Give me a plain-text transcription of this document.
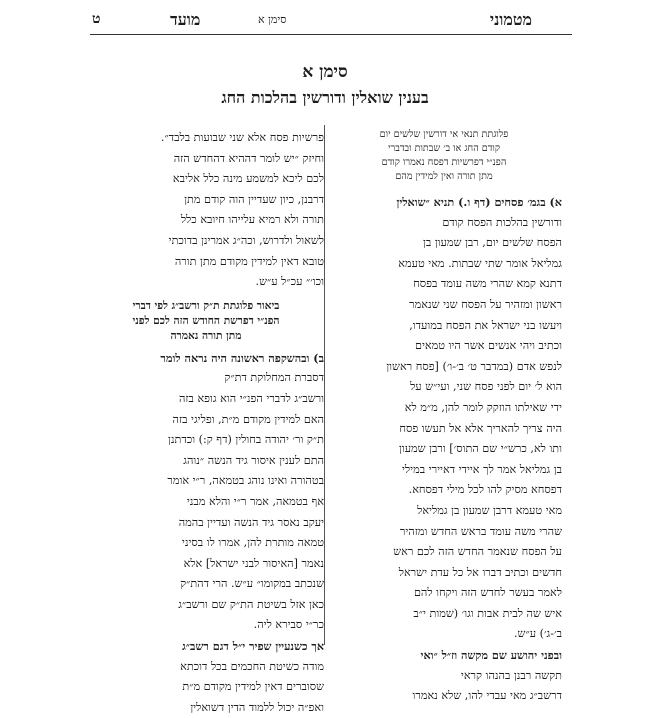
מטמוני
מועד	סימן א
ט
סימן א
בענין שואלין ודורשין בהלכות החג
פלוגתת תנאי אי דורשין שלשים יום
קודם החג או ב׳ שבתות ובדברי
הפנ״י דפרשיות דפסח נאמרו קודם
מתן תורה ואין למידין מהם
א) בגמ׳ פסחים (דף ו.) תניא ״שואלין
ודורשין בהלכות הפסח קודם
הפסח שלשים יום, רבן שמעון בן
גמליאל אומר שתי שבתות. מאי טעמא
דתנא קמא שהרי משה עומד בפסח
ראשון ומזהיר על הפסח שני שנאמר
ויעשו בני ישראל את הפסח במועדו,
וכתיב ויהי אנשים אשר היו טמאים
לנפש אדם (במדבר ט׳ ב׳-ו׳) [פסח ראשון
הוא ל׳ יום לפני פסח שני, ועי״ש על
ידי שאילתו הוזקק לומר להן, מ״מ לא
היה צריך להאריך אלא אל תעשו פסח
ותו לא, כרש״י שם התוס׳] ורבן שמעון
בן גמליאל אמר לך איידי דאיירי במילי
דפסחא מסיק להו לכל מילי דפסחא.
מאי טעמא דרבן שמעון בן גמליאל
שהרי משה עומד בראש החדש ומזהיר
על הפסח שנאמר החדש הזה לכם ראש
חדשים וכתיב דברו אל כל עדת ישראל
לאמר בעשר לחדש הזה ויקחו להם
איש שה לבית אבות וגו׳ (שמות י״ב
ב׳-ג׳) ע״ש.
ובפני יהושע שם מקשה וז״ל ״ואי
תקשה רבנן בהנהו קראי
דרשב״ג מאי עבדי להו, שלא נאמרו
פרשיות פסח אלא שני שבועות בלבד״.
וחיזק ״יש לומר דההיא דהחדש הזה
לכם ליכא למשמע מינה כלל אליבא
דרבנן, כיון שעדיין הוה קודם מתן
תורה ולא רמיא עלייהו חיובא כלל
לשאול ולדרוש, וכה״ג אמרינן בדוכתי
טובא דאין למידין מקודם מתן תורה
וכו׳״ עכ״ל ע״ש.
ביאור פלוגתת ת״ק ורשב״ג לפי דברי
הפנ״י דפרשת החודש הזה לכם לפני
מתן תורה נאמרה
ב) ובהשקפה ראשונה היה נראה לומר
דסברת המחלוקת דת״ק
ורשב״ג לדברי הפנ״י הוא גופא בזה
האם למידין מקודם מ״ת, ופליגי בזה
ת״ק ור׳ יהודה בחולין (דף ק:) וכדתנן
התם לענין איסור גיד הנשה ״נוהג
בטהורה ואינו נוהג בטמאה, ר״י אומר
אף בטמאה, אמר ר״י והלא מבני
יעקב נאסר גיד הנשה ועדיין בהמה
טמאה מותרת להן, אמרו לו בסיני
נאמר [האיסור לבני ישראל] אלא
שנכתב במקומו״ ע״ש. הרי דהת״ק
כאן אזל בשיטת הת״ק שם ורשב״ג
כר״י סבירא ליה.
אך כשנעיין שפיר י״ל דגם רשב״ג
מודה כשיטת החכמים בכל דוכתא
שסוברים דאין למידין מקודם מ״ת
ואפ״ה יכול ללמוד הדין דשואלין
